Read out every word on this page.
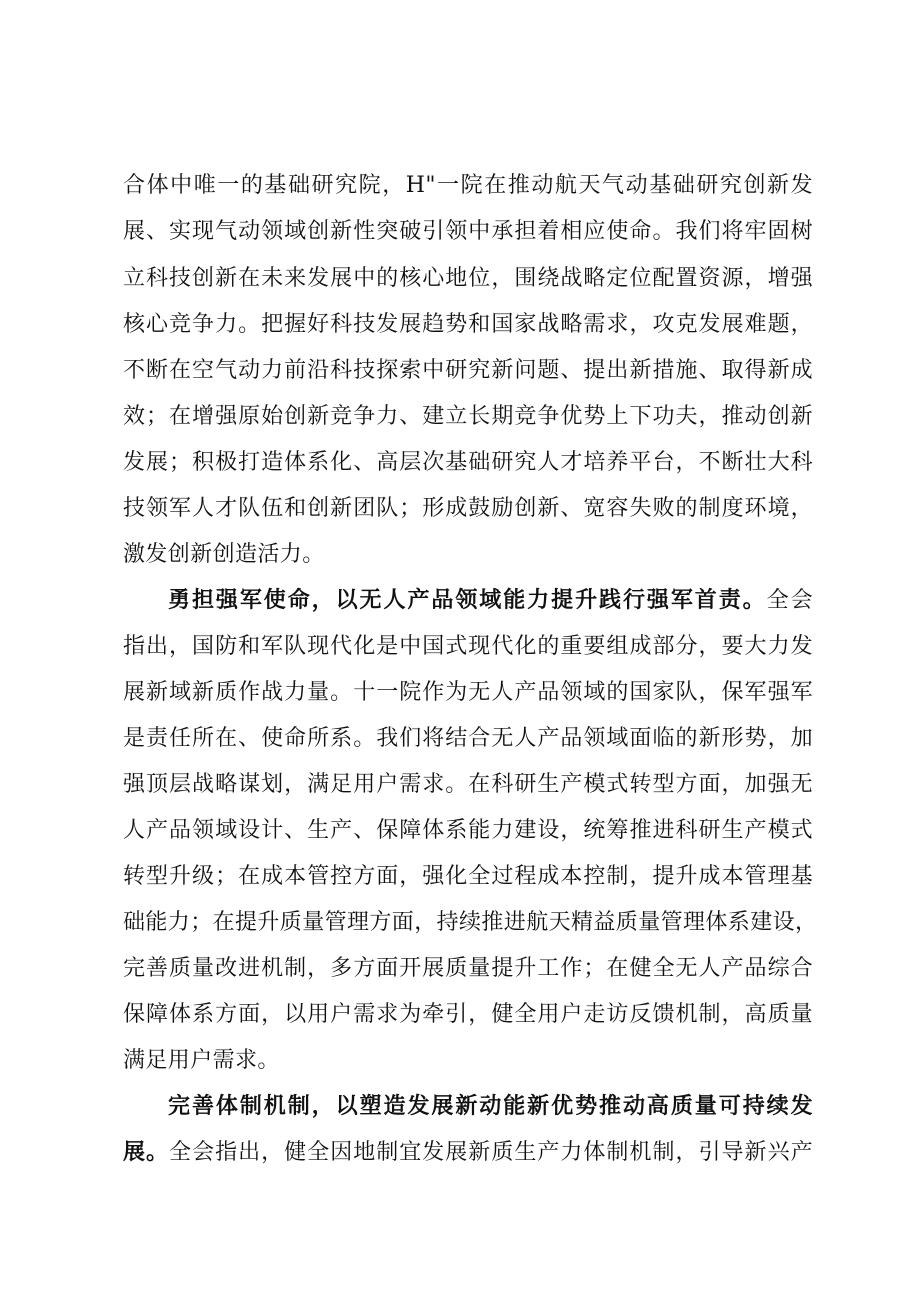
合体中唯一的基础研究院，H"一院在推动航天气动基础研究创新发
展、实现气动领域创新性突破引领中承担着相应使命。我们将牢固树
立科技创新在未来发展中的核心地位，围绕战略定位配置资源，增强
核心竞争力。把握好科技发展趋势和国家战略需求，攻克发展难题，
不断在空气动力前沿科技探索中研究新问题、提出新措施、取得新成
效；在增强原始创新竞争力、建立长期竞争优势上下功夫，推动创新
发展；积极打造体系化、高层次基础研究人才培养平台，不断壮大科
技领军人才队伍和创新团队；形成鼓励创新、宽容失败的制度环境，
激发创新创造活力。
勇担强军使命，以无人产品领域能力提升践行强军首责。全会
指出，国防和军队现代化是中国式现代化的重要组成部分，要大力发
展新域新质作战力量。十一院作为无人产品领域的国家队，保军强军
是责任所在、使命所系。我们将结合无人产品领域面临的新形势，加
强顶层战略谋划，满足用户需求。在科研生产模式转型方面，加强无
人产品领域设计、生产、保障体系能力建设，统筹推进科研生产模式
转型升级；在成本管控方面，强化全过程成本控制，提升成本管理基
础能力；在提升质量管理方面，持续推进航天精益质量管理体系建设，
完善质量改进机制，多方面开展质量提升工作；在健全无人产品综合
保障体系方面，以用户需求为牵引，健全用户走访反馈机制，高质量
满足用户需求。
完善体制机制，以塑造发展新动能新优势推动高质量可持续发
展。全会指出，健全因地制宜发展新质生产力体制机制，引导新兴产
